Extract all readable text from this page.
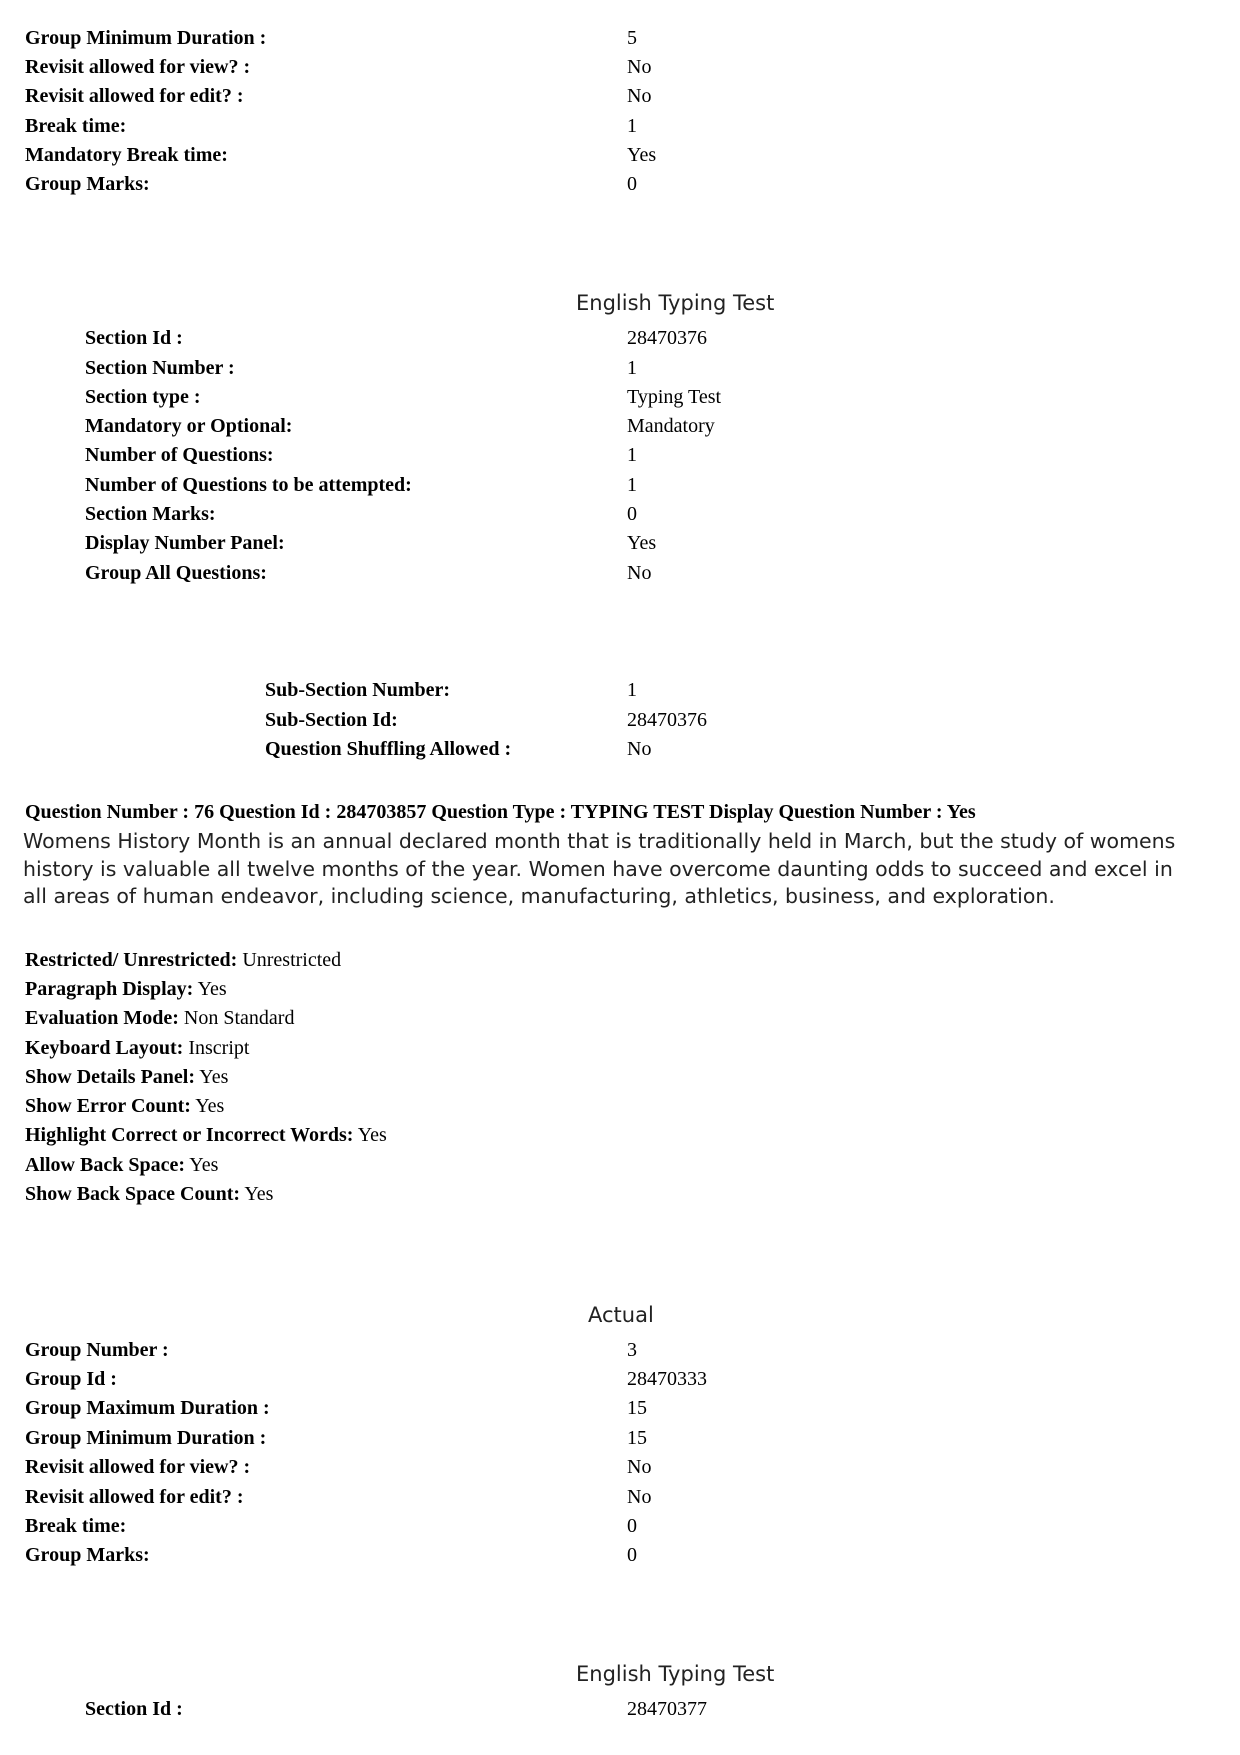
Group Minimum Duration :	5
Revisit allowed for view? :	No
Revisit allowed for edit? :	No
Break time:	1
Mandatory Break time:	Yes
Group Marks:	0
English Typing Test
Section Id :	28470376
Section Number :	1
Section type :	Typing Test
Mandatory or Optional:	Mandatory
Number of Questions:	1
Number of Questions to be attempted:	1
Section Marks:	0
Display Number Panel:	Yes
Group All Questions:	No
Sub-Section Number:	1
Sub-Section Id:	28470376
Question Shuffling Allowed :	No
Question Number : 76 Question Id : 284703857 Question Type : TYPING TEST Display Question Number : Yes
Womens History Month is an annual declared month that is traditionally held in March, but the study of womens history is valuable all twelve months of the year. Women have overcome daunting odds to succeed and excel in all areas of human endeavor, including science, manufacturing, athletics, business, and exploration.
Restricted/ Unrestricted: Unrestricted
Paragraph Display: Yes
Evaluation Mode: Non Standard
Keyboard Layout: Inscript
Show Details Panel: Yes
Show Error Count: Yes
Highlight Correct or Incorrect Words: Yes
Allow Back Space: Yes
Show Back Space Count: Yes
Actual
Group Number :	3
Group Id :	28470333
Group Maximum Duration :	15
Group Minimum Duration :	15
Revisit allowed for view? :	No
Revisit allowed for edit? :	No
Break time:	0
Group Marks:	0
English Typing Test
Section Id :	28470377
